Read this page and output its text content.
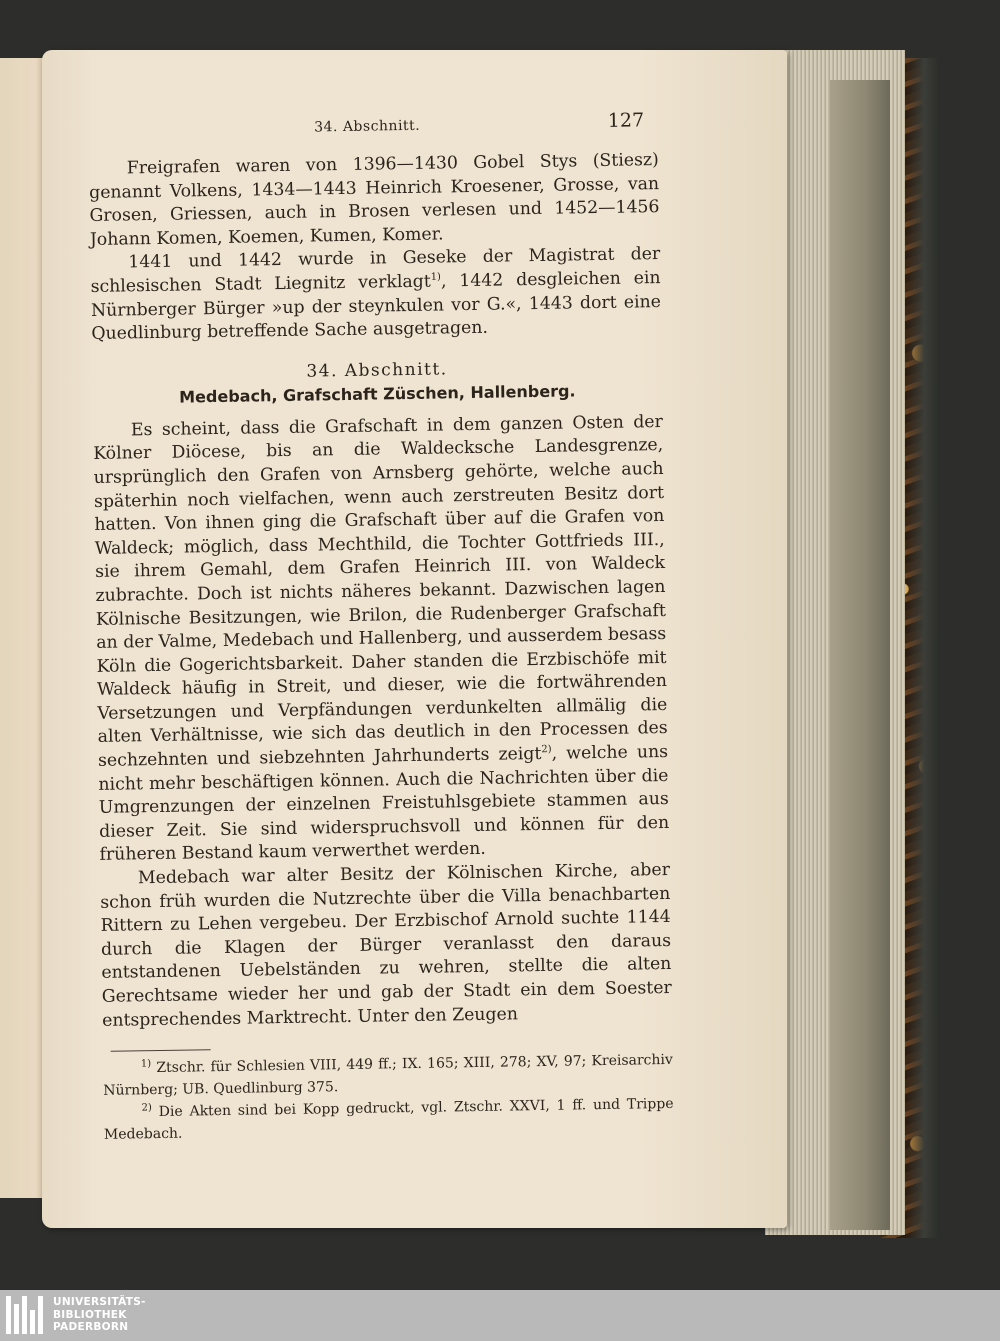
34. Abschnitt.	127

Freigrafen waren von 1396—1430 Gobel Stys (Stiesz) genannt Volkens, 1434—1443 Heinrich Kroesener, Grosse, van Grosen, Griessen, auch in Brosen verlesen und 1452—1456 Johann Komen, Koemen, Kumen, Komer.

1441 und 1442 wurde in Geseke der Magistrat der schlesischen Stadt Liegnitz verklagt$^{1)}$, 1442 desgleichen ein Nürnberger Bürger »up der steynkulen vor G.«, 1443 dort eine Quedlinburg betreffende Sache ausgetragen.

34. Abschnitt.
Medebach, Grafschaft Züschen, Hallenberg.

Es scheint, dass die Grafschaft in dem ganzen Osten der Kölner Diöcese, bis an die Waldecksche Landesgrenze, ursprünglich den Grafen von Arnsberg gehörte, welche auch späterhin noch vielfachen, wenn auch zerstreuten Besitz dort hatten. Von ihnen ging die Grafschaft über auf die Grafen von Waldeck; möglich, dass Mechthild, die Tochter Gottfrieds III., sie ihrem Gemahl, dem Grafen Heinrich III. von Waldeck zubrachte. Doch ist nichts näheres bekannt. Dazwischen lagen Kölnische Besitzungen, wie Brilon, die Rudenberger Grafschaft an der Valme, Medebach und Hallenberg, und ausserdem besass Köln die Gogerichtsbarkeit. Daher standen die Erzbischöfe mit Waldeck häufig in Streit, und dieser, wie die fortwährenden Versetzungen und Verpfändungen verdunkelten allmälig die alten Verhältnisse, wie sich das deutlich in den Processen des sechzehnten und siebzehnten Jahrhunderts zeigt$^{2)}$, welche uns nicht mehr beschäftigen können. Auch die Nachrichten über die Umgrenzungen der einzelnen Freistuhlsgebiete stammen aus dieser Zeit. Sie sind widerspruchsvoll und können für den früheren Bestand kaum verwerthet werden.

Medebach war alter Besitz der Kölnischen Kirche, aber schon früh wurden die Nutzrechte über die Villa benachbarten Rittern zu Lehen vergebeu. Der Erzbischof Arnold suchte 1144 durch die Klagen der Bürger veranlasst den daraus entstandenen Uebelständen zu wehren, stellte die alten Gerechtsame wieder her und gab der Stadt ein dem Soester entsprechendes Marktrecht. Unter den Zeugen

$^{1)}$ Ztschr. für Schlesien VIII, 449 ff.; IX. 165; XIII, 278; XV, 97; Kreisarchiv Nürnberg; UB. Quedlinburg 375.

$^{2)}$ Die Akten sind bei Kopp gedruckt, vgl. Ztschr. XXVI, 1 ff. und Trippe Medebach.

UNIVERSITÄTS-
BIBLIOTHEK
PADERBORN
